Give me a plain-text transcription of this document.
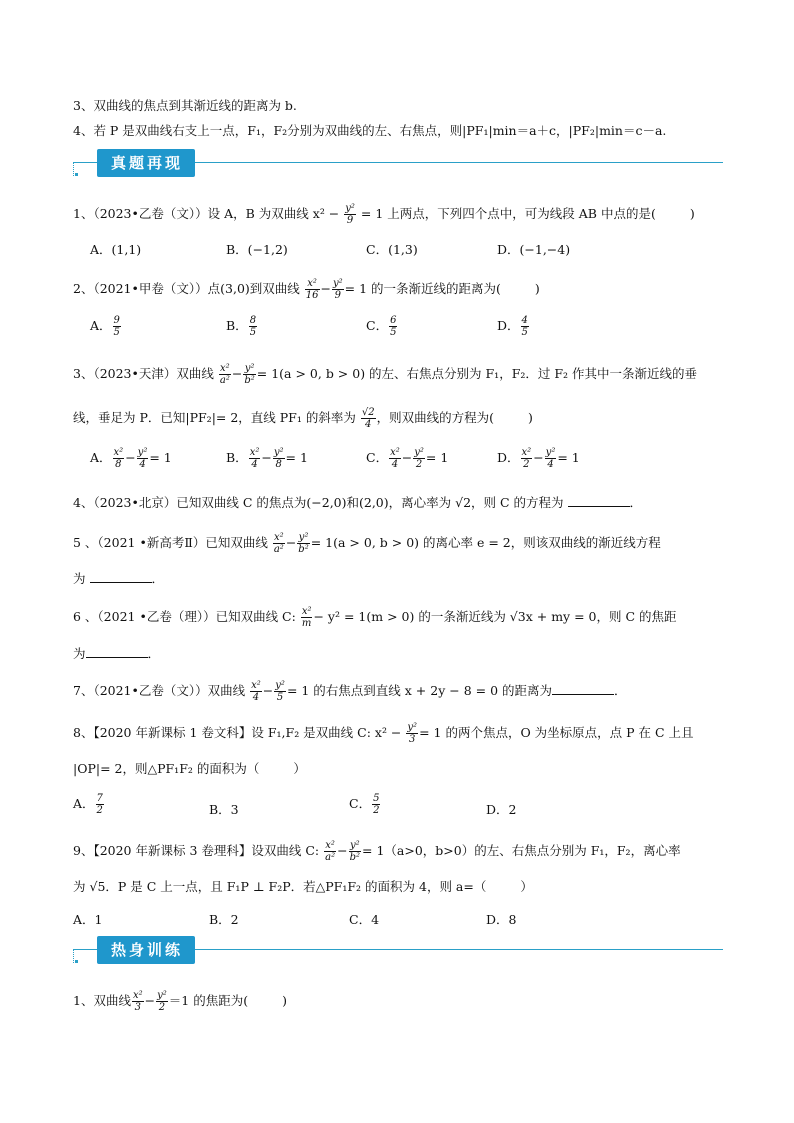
3、双曲线的焦点到其渐近线的距离为 b.
4、若 P 是双曲线右支上一点，F₁，F₂分别为双曲线的左、右焦点，则|PF₁|min＝a＋c，|PF₂|min＝c－a.
真题再现
1、（2023•乙卷（文））设 A，B 为双曲线 $x^2 - \frac{\text{y²}}{9} = 1$ 上两点，下列四个点中，可为线段 AB 中点的是(	)
A．(1,1)	B．(−1,2)	C．(1,3)	D．(−1,−4)
2、（2021•甲卷（文））点(3,0)到双曲线 $\frac{\text{x²}}{16} - \frac{\text{y²}}{9} = 1$ 的一条渐近线的距离为(	)
A． $\frac{9}{5}$	B． $\frac{8}{5}$	C． $\frac{6}{5}$	D． $\frac{4}{5}$
3、（2023•天津）双曲线 $\frac{\text{x²}}{\text{a²}} - \frac{\text{y²}}{\text{b²}} = 1(a > 0$, b > 0) 的左、右焦点分别为 F₁，F₂．过 F₂ 作其中一条渐近线的垂
线，垂足为 P．已知|PF₂|= 2，直线 PF₁ 的斜率为 $\frac{√2}{4}$ ，则双曲线的方程为(	)
A． $\frac{\text{x²}}{8} - \frac{\text{y²}}{4} = 1$	B． $\frac{\text{x²}}{4} - \frac{\text{y²}}{8} = 1$	C． $\frac{\text{x²}}{4} - \frac{\text{y²}}{2} = 1$	D． $\frac{\text{x²}}{2} - \frac{\text{y²}}{4} = 1$
4、（2023•北京）已知双曲线 C 的焦点为(−2,0)和(2,0)，离心率为 √2，则 C 的方程为	．
5 、（2021 •新高考Ⅱ）已知双曲线 $\frac{\text{x²}}{\text{a²}} - \frac{\text{y²}}{\text{b²}} = 1(a > 0$, b > 0) 的离心率 e = 2，则该双曲线的渐近线方程
为	．
6 、（2021 •乙卷（理））已知双曲线 C: $\frac{\text{x²}}{m} - y^2 = 1(m > 0)$ 的一条渐近线为 √3x + my = 0，则 C 的焦距
为	．
7、（2021•乙卷（文））双曲线 $\frac{\text{x²}}{4} - \frac{\text{y²}}{5} = 1$ 的右焦点到直线 x + 2y − 8 = 0 的距离为	．
8、【2020 年新课标 1 卷文科】设 F₁,F₂ 是双曲线 C: $x^2 - \frac{\text{y²}}{3} = 1$ 的两个焦点，O 为坐标原点，点 P 在 C 上且
|OP|= 2，则△PF₁F₂ 的面积为（	）
A． $\frac{7}{2}$	B．3	C． $\frac{5}{2}$	D．2
9、【2020 年新课标 3 卷理科】设双曲线 C: $\frac{\text{x²}}{\text{a²}} - \frac{\text{y²}}{\text{b²}} = 1(a>0$，b>0）的左、右焦点分别为 F₁，F₂，离心率
为 √5．P 是 C 上一点，且 F₁P ⊥ F₂P．若△PF₁F₂ 的面积为 4，则 a=（	）
A．1	B．2	C．4	D．8
热身训练
1、双曲线 $\frac{\text{x²}}{3} - \frac{\text{y²}}{2} =1$ 的焦距为(	)
